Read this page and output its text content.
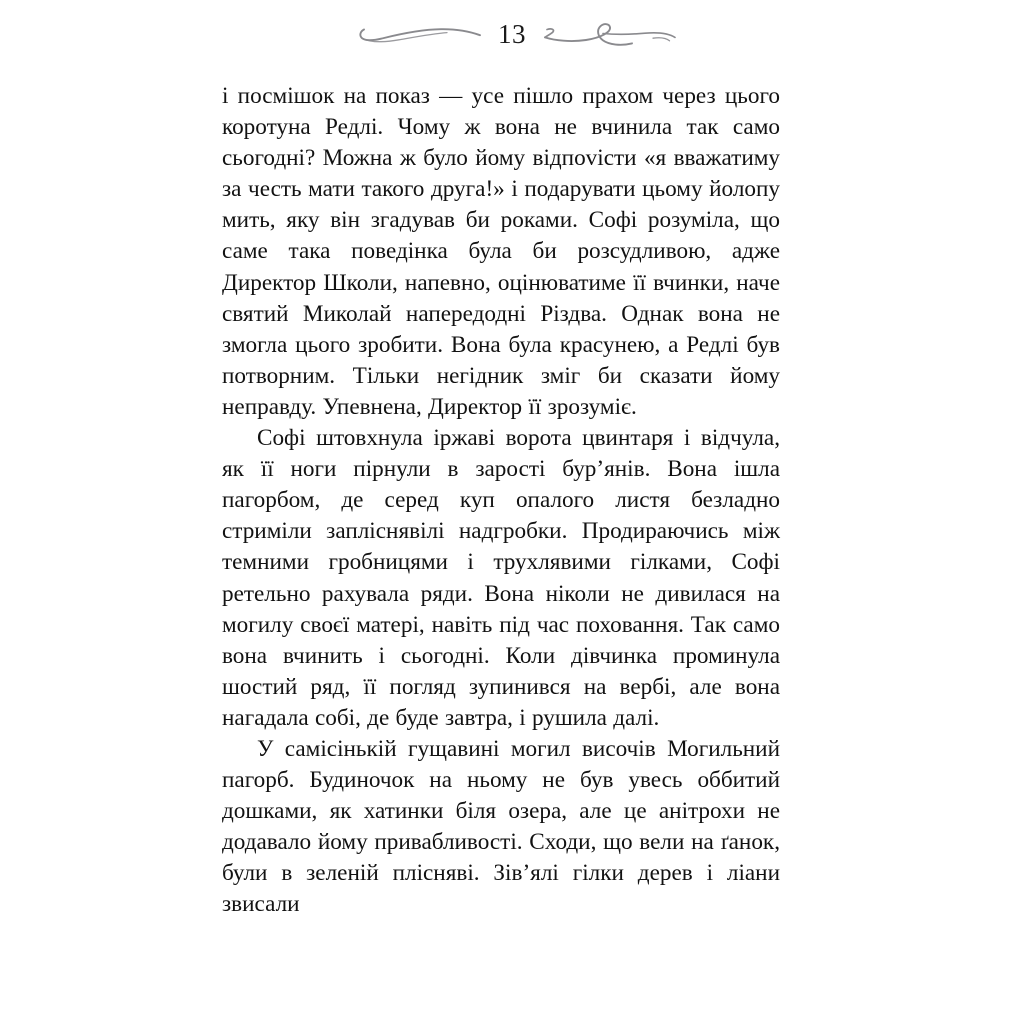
13

і посмішок на показ — усе пішло прахом через цього коротуна Редлі. Чому ж вона не вчинила так само сьогодні? Можна ж було йому відпоvісти «я вважатиму за честь мати такого друга!» і подарувати цьому йолопу мить, яку він згадував би роками. Софі розуміла, що саме така поведінка була би розсудливою, адже Директор Школи, напевно, оцінюватиме її вчинки, наче святий Миколай напередодні Різдва. Однак вона не змогла цього зробити. Вона була красунею, а Редлі був потворним. Тільки негідник зміг би сказати йому неправду. Упевнена, Директор її зрозуміє.

Софі штовхнула іржаві ворота цвинтаря і відчула, як її ноги пірнули в зарості бур’янів. Вона ішла пагорбом, де серед куп опалого листя безладно стриміли запліснявілі надгробки. Продираючись між темними гробницями і трухлявими гілками, Софі ретельно рахувала ряди. Вона ніколи не дивилася на могилу своєї матері, навіть під час поховання. Так само вона вчинить і сьогодні. Коли дівчинка проминула шостий ряд, її погляд зупинився на вербі, але вона нагадала собі, де буде завтра, і рушила далі.

У самісінькій гущавині могил височів Могильний пагорб. Будиночок на ньому не був увесь оббитий дошками, як хатинки біля озера, але це анітрохи не додавало йому привабливості. Сходи, що вели на ґанок, були в зеленій плісняві. Зів’ялі гілки дерев і ліани звисали
